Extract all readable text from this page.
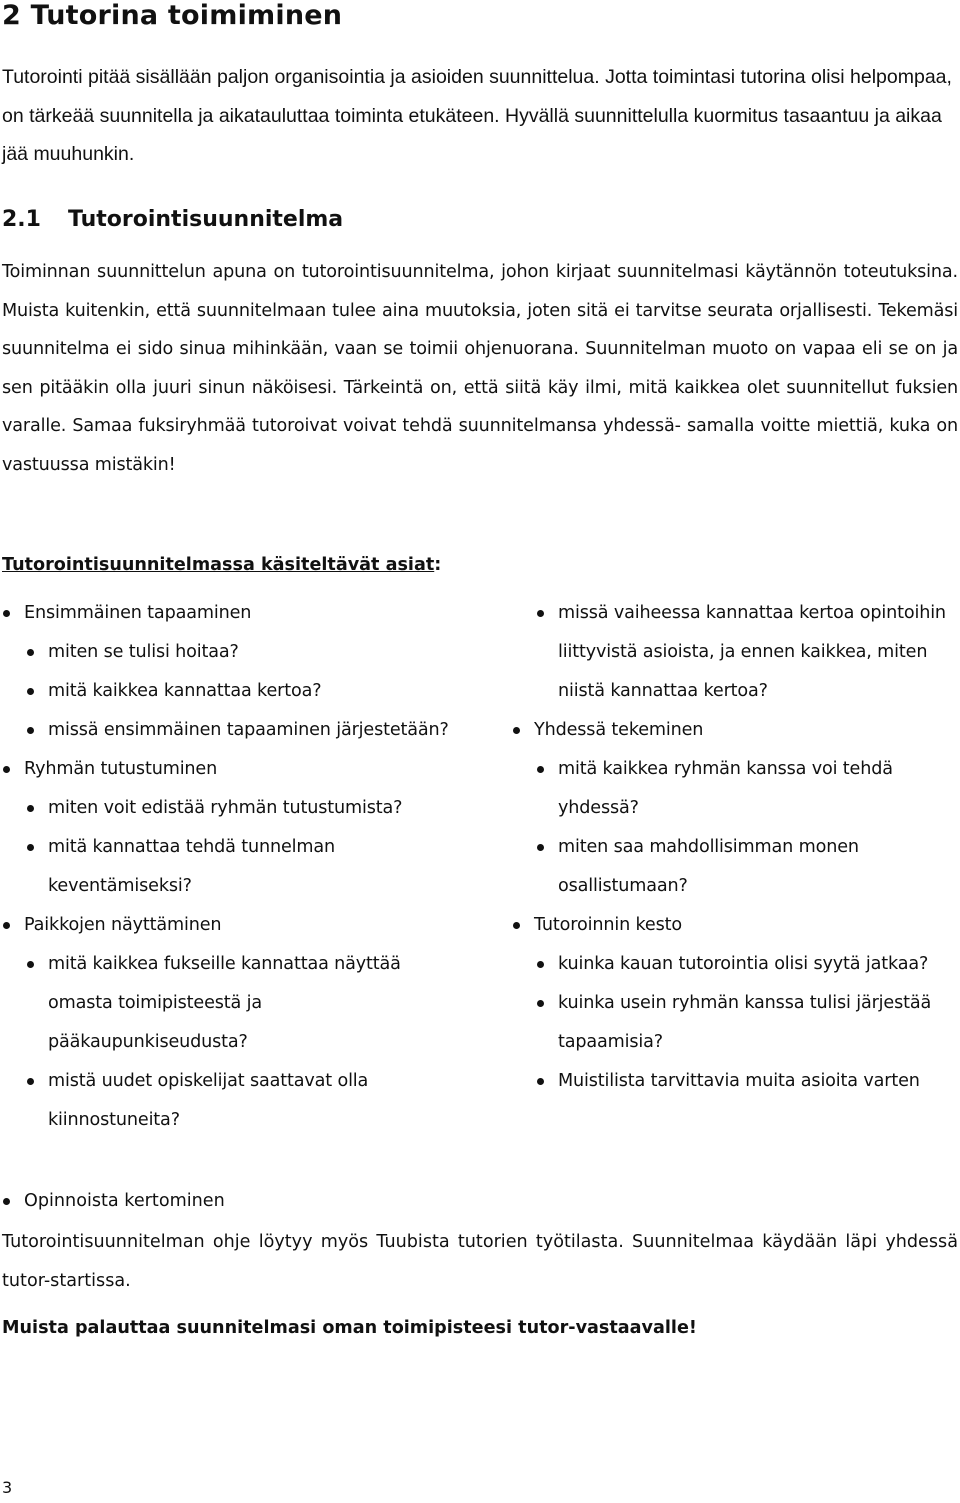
2 Tutorina toimiminen

Tutorointi pitää sisällään paljon organisointia ja asioiden suunnittelua. Jotta toimintasi tutorina olisi helpompaa, on tärkeää suunnitella ja aikatauluttaa toiminta etukäteen. Hyvällä suunnittelulla kuormitus tasaantuu ja aikaa jää muuhunkin.

2.1 Tutorointisuunnitelma

Toiminnan suunnittelun apuna on tutorointisuunnitelma, johon kirjaat suunnitelmasi käytännön toteutuksina. Muista kuitenkin, että suunnitelmaan tulee aina muutoksia, joten sitä ei tarvitse seurata orjallisesti. Tekemäsi suunnitelma ei sido sinua mihinkään, vaan se toimii ohjenuorana. Suunnitelman muoto on vapaa eli se on ja sen pitääkin olla juuri sinun näköisesi. Tärkeintä on, että siitä käy ilmi, mitä kaikkea olet suunnitellut fuksien varalle. Samaa fuksiryhmää tutoroivat voivat tehdä suunnitelmansa yhdessä- samalla voitte miettiä, kuka on vastuussa mistäkin!

Tutorointisuunnitelmassa käsiteltävät asiat:

Ensimmäinen tapaaminen
miten se tulisi hoitaa?
mitä kaikkea kannattaa kertoa?
missä ensimmäinen tapaaminen järjestetään?
Ryhmän tutustuminen
miten voit edistää ryhmän tutustumista?
mitä kannattaa tehdä tunnelman keventämiseksi?
Paikkojen näyttäminen
mitä kaikkea fukseille kannattaa näyttää omasta toimipisteestä ja pääkaupunkiseudusta?
mistä uudet opiskelijat saattavat olla kiinnostuneita?
Opinnoista kertominen
missä vaiheessa kannattaa kertoa opintoihin liittyvistä asioista, ja ennen kaikkea, miten niistä kannattaa kertoa?
Yhdessä tekeminen
mitä kaikkea ryhmän kanssa voi tehdä yhdessä?
miten saa mahdollisimman monen osallistumaan?
Tutoroinnin kesto
kuinka kauan tutorointia olisi syytä jatkaa?
kuinka usein ryhmän kanssa tulisi järjestää tapaamisia?
Muistilista tarvittavia muita asioita varten

Tutorointisuunnitelman ohje löytyy myös Tuubista tutorien työtilasta. Suunnitelmaa käydään läpi yhdessä tutor-startissa.

Muista palauttaa suunnitelmasi oman toimipisteesi tutor-vastaavalle!

3
